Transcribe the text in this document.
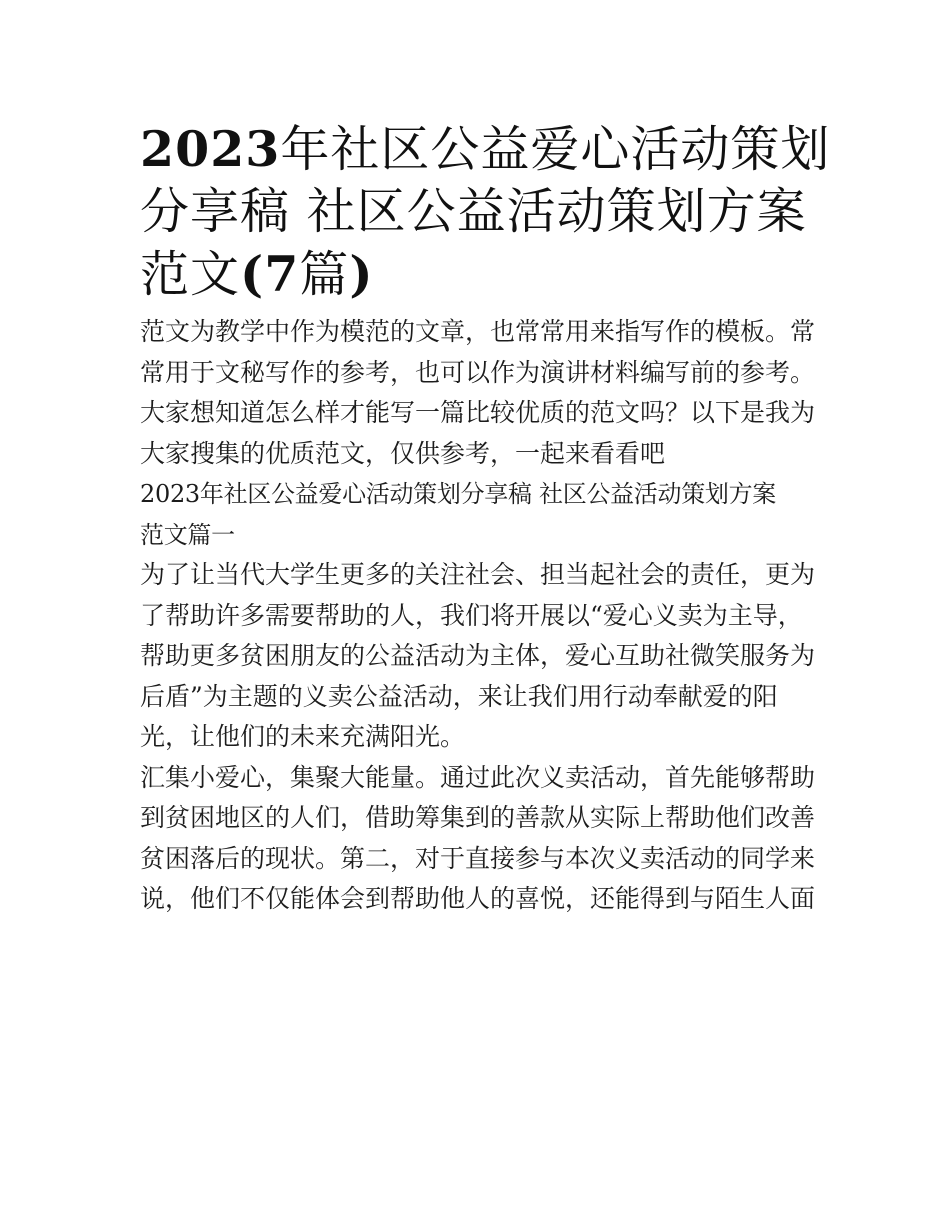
2023年社区公益爱心活动策划
分享稿 社区公益活动策划方案
范文(7篇)

范文为教学中作为模范的文章，也常常用来指写作的模板。常
常用于文秘写作的参考，也可以作为演讲材料编写前的参考。
大家想知道怎么样才能写一篇比较优质的范文吗？以下是我为
大家搜集的优质范文，仅供参考，一起来看看吧

2023年社区公益爱心活动策划分享稿 社区公益活动策划方案
范文篇一

为了让当代大学生更多的关注社会、担当起社会的责任，更为
了帮助许多需要帮助的人，我们将开展以“爱心义卖为主导，
帮助更多贫困朋友的公益活动为主体，爱心互助社微笑服务为
后盾”为主题的义卖公益活动，来让我们用行动奉献爱的阳
光，让他们的未来充满阳光。

汇集小爱心，集聚大能量。通过此次义卖活动，首先能够帮助
到贫困地区的人们，借助筹集到的善款从实际上帮助他们改善
贫困落后的现状。第二，对于直接参与本次义卖活动的同学来
说，他们不仅能体会到帮助他人的喜悦，还能得到与陌生人面
